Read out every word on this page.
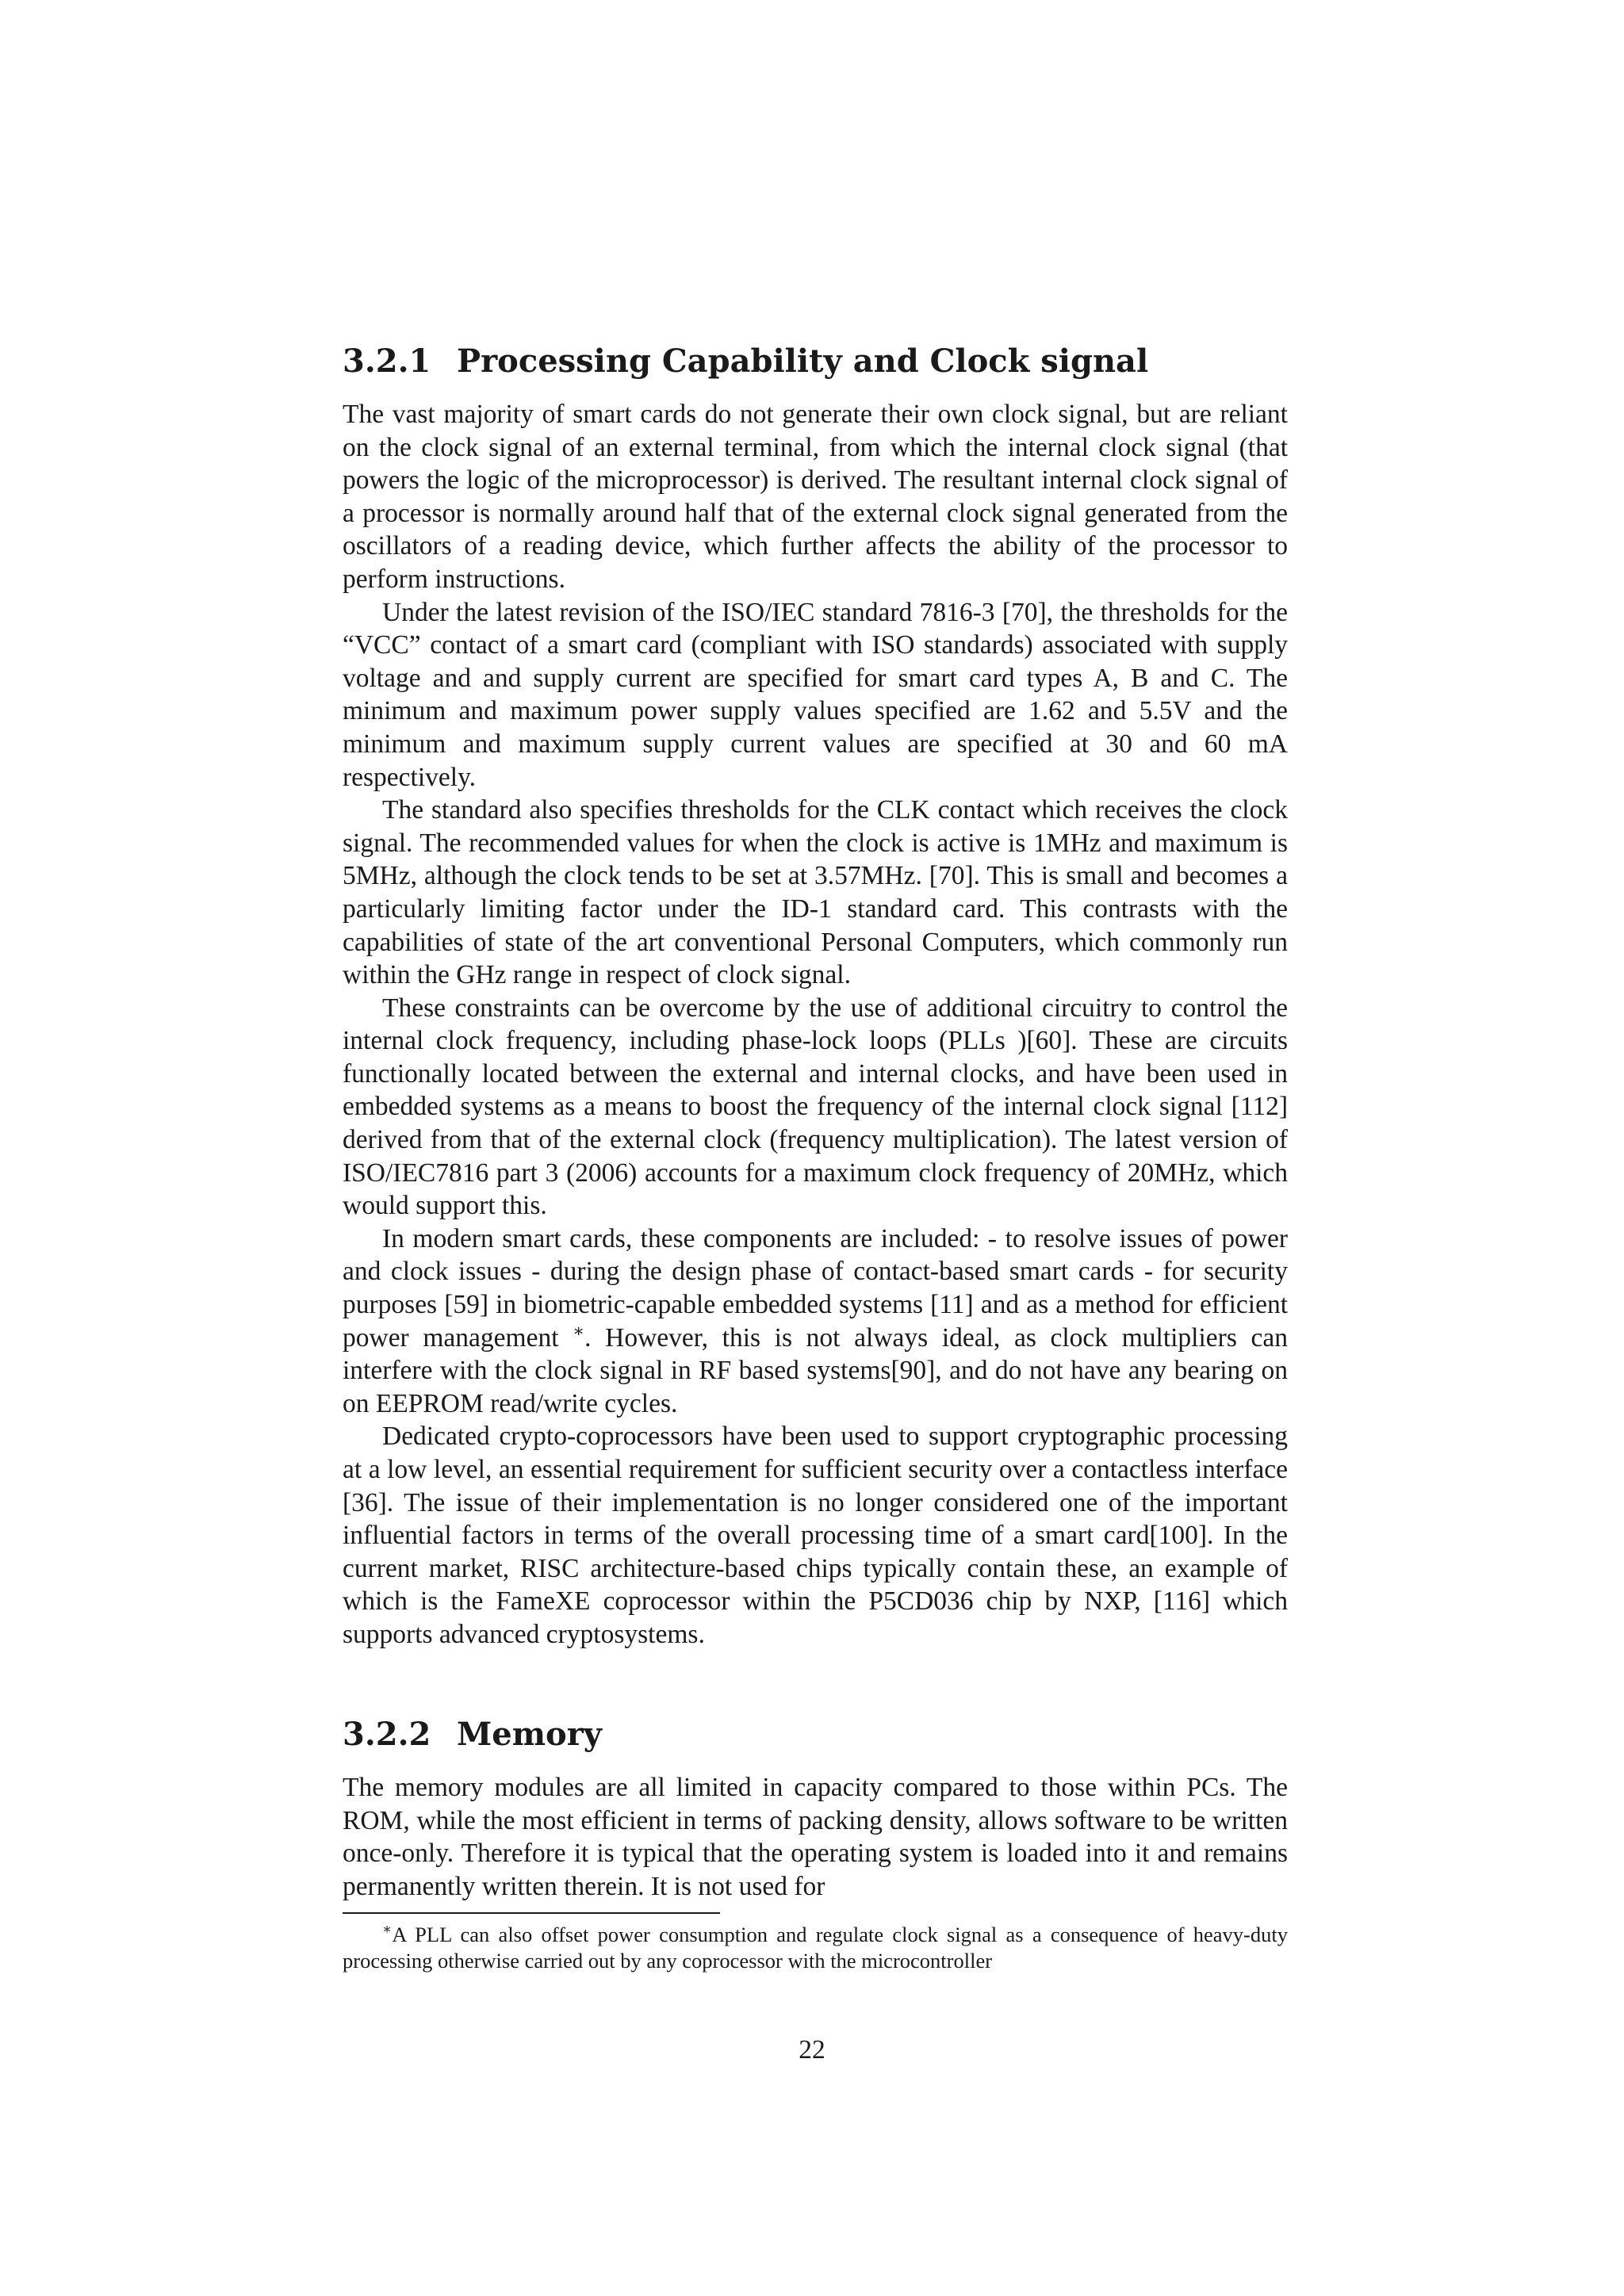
3.2.1 Processing Capability and Clock signal

The vast majority of smart cards do not generate their own clock signal, but are reliant on the clock signal of an external terminal, from which the internal clock signal (that powers the logic of the microprocessor) is derived. The resultant internal clock signal of a processor is normally around half that of the external clock signal generated from the oscillators of a reading device, which further affects the ability of the processor to perform instructions.

Under the latest revision of the ISO/IEC standard 7816-3 [70], the thresholds for the “VCC” contact of a smart card (compliant with ISO standards) associated with supply voltage and and supply current are specified for smart card types A, B and C. The minimum and maximum power supply values specified are 1.62 and 5.5V and the minimum and maximum supply current values are specified at 30 and 60 mA respectively.

The standard also specifies thresholds for the CLK contact which receives the clock signal. The recommended values for when the clock is active is 1MHz and maximum is 5MHz, although the clock tends to be set at 3.57MHz. [70]. This is small and becomes a particularly limiting factor under the ID-1 standard card. This contrasts with the capabilities of state of the art conventional Personal Computers, which commonly run within the GHz range in respect of clock signal.

These constraints can be overcome by the use of additional circuitry to control the internal clock frequency, including phase-lock loops (PLLs )[60]. These are circuits functionally located between the external and internal clocks, and have been used in embedded systems as a means to boost the frequency of the internal clock signal [112] derived from that of the external clock (frequency multiplication). The latest version of ISO/IEC7816 part 3 (2006) accounts for a maximum clock frequency of 20MHz, which would support this.

In modern smart cards, these components are included: - to resolve issues of power and clock issues - during the design phase of contact-based smart cards - for security purposes [59] in biometric-capable embedded systems [11] and as a method for efficient power management ∗. However, this is not always ideal, as clock multipliers can interfere with the clock signal in RF based systems[90], and do not have any bearing on on EEPROM read/write cycles.

Dedicated crypto-coprocessors have been used to support cryptographic processing at a low level, an essential requirement for sufficient security over a contactless interface [36]. The issue of their implementation is no longer considered one of the important influential factors in terms of the overall processing time of a smart card[100]. In the current market, RISC architecture-based chips typically contain these, an example of which is the FameXE coprocessor within the P5CD036 chip by NXP, [116] which supports advanced cryptosystems.

3.2.2 Memory

The memory modules are all limited in capacity compared to those within PCs. The ROM, while the most efficient in terms of packing density, allows software to be written once-only. Therefore it is typical that the operating system is loaded into it and remains permanently written therein. It is not used for

∗A PLL can also offset power consumption and regulate clock signal as a consequence of heavy-duty processing otherwise carried out by any coprocessor with the microcontroller

22
